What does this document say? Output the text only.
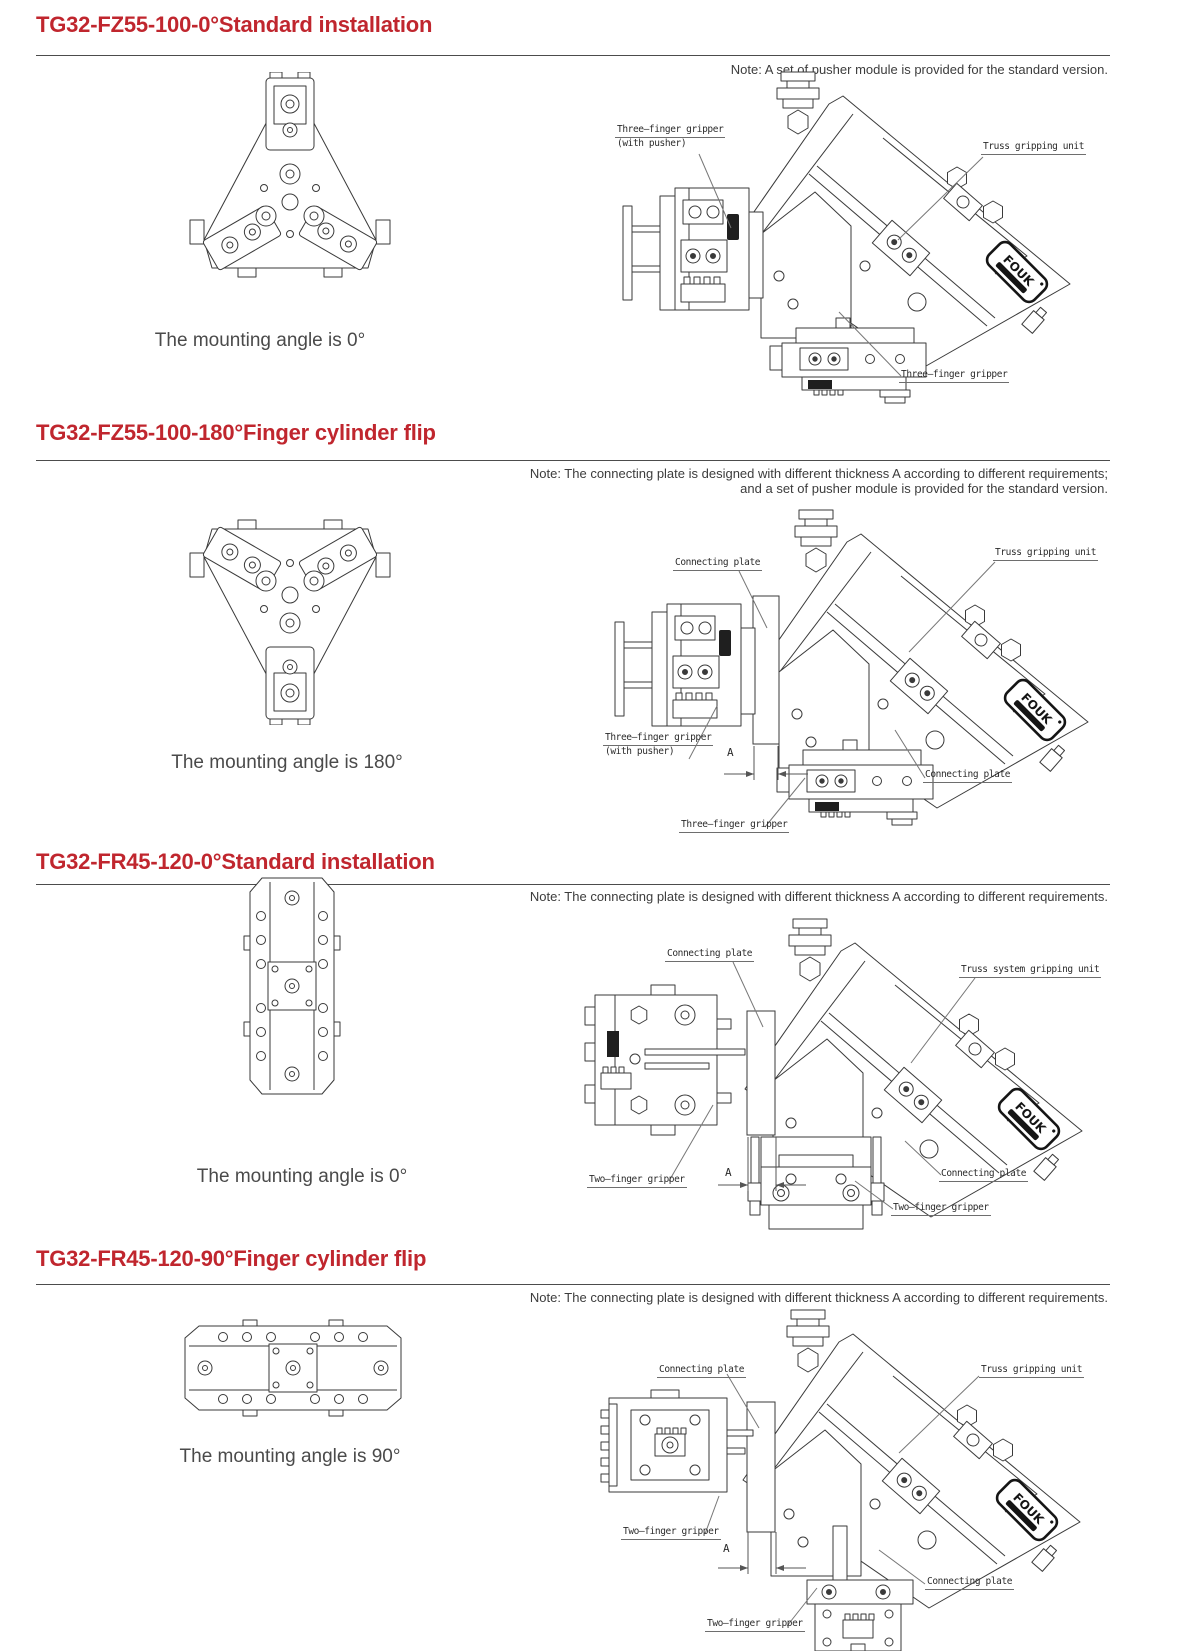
TG32-FZ55-100-0°Standard installation
Note: A set of pusher module is provided for the standard version.
The mounting angle is 0°
Three—finger gripper
(with pusher)	Truss gripping unit
Three—finger gripper
TG32-FZ55-100-180°Finger cylinder flip
Note: The connecting plate is designed with different thickness A according to different requirements;
and a set of pusher module is provided for the standard version.
The mounting angle is 180°
Connecting plate
Truss gripping unit
Three—finger gripper
(with pusher)	A
Connecting plate
Three—finger gripper
TG32-FR45-120-0°Standard installation
Note: The connecting plate is designed with different thickness A according to different requirements.
The mounting angle is 0°
Connecting plate
Truss system gripping unit
Two—finger gripper
A	Connecting plate
Two—finger gripper
TG32-FR45-120-90°Finger cylinder flip
Note: The connecting plate is designed with different thickness A according to different requirements.
The mounting angle is 90°
Connecting plate	Truss gripping unit
Two—finger gripper
A
Connecting plate
Two—finger gripper
